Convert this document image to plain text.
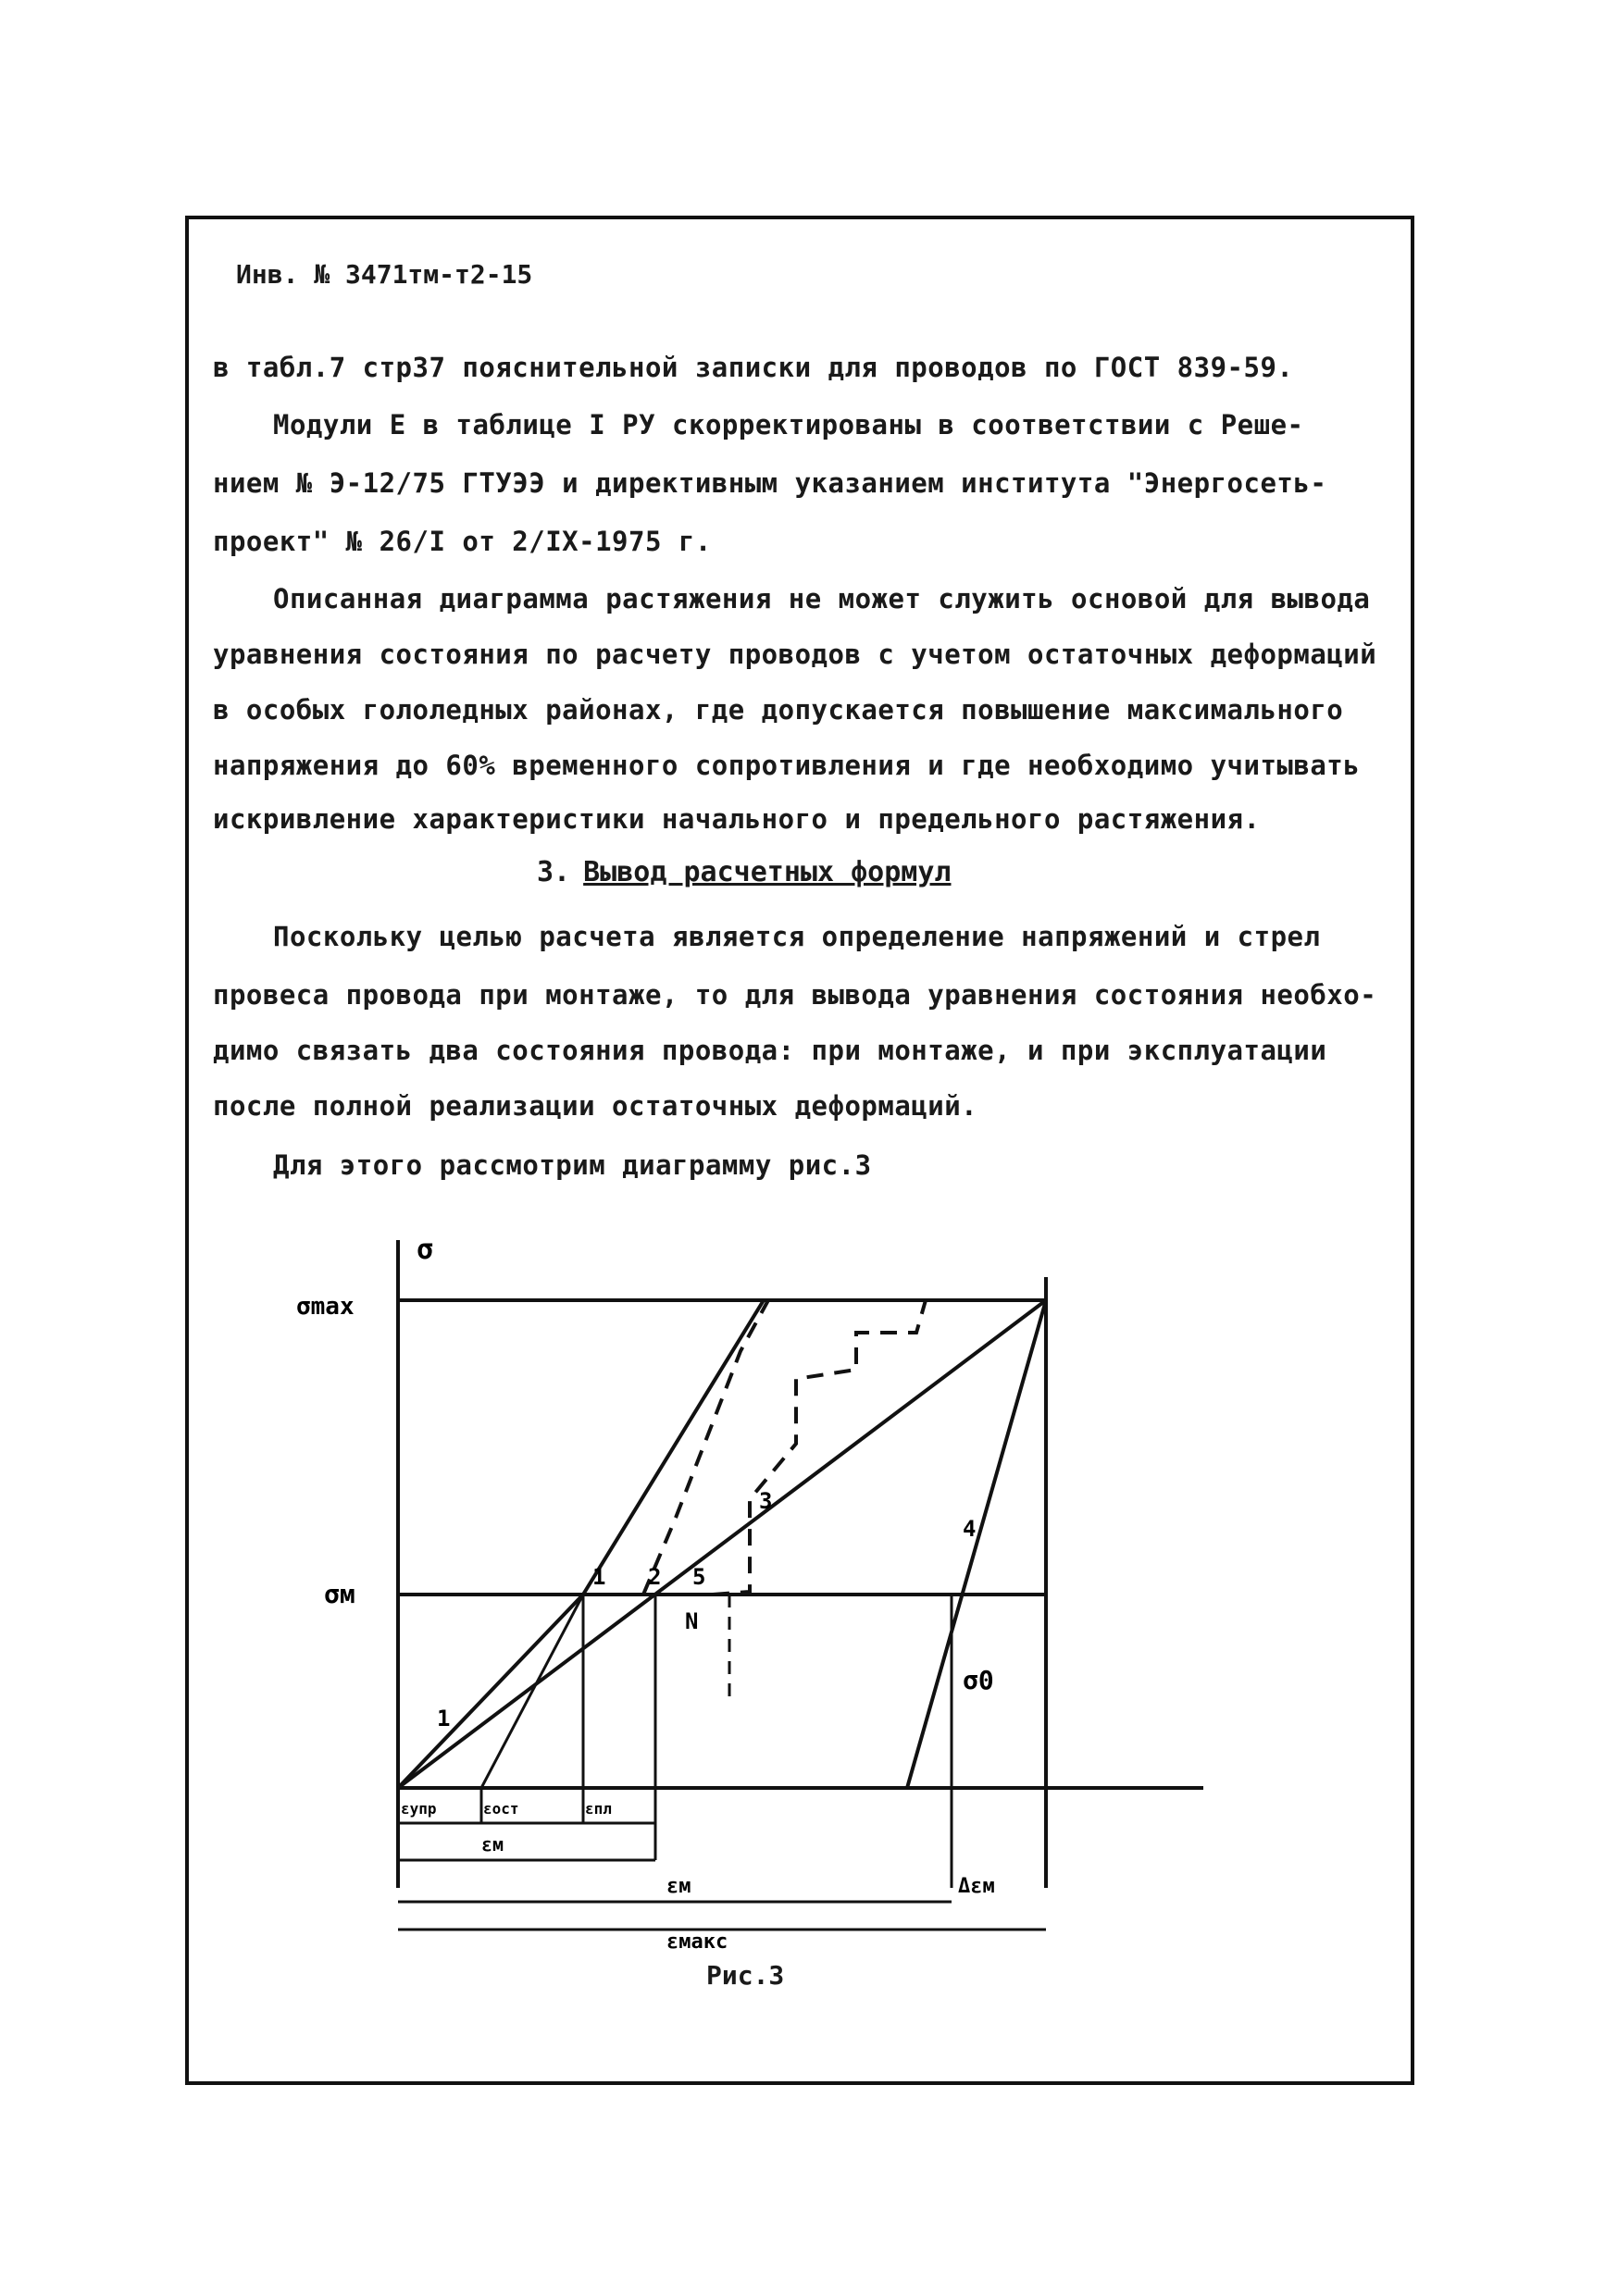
Инв. № 3471тм-т2-15
в табл.7 стр37 пояснительной записки для проводов по ГОСТ 839-59.
Модули Е в таблице I РУ скорректированы в соответствии с Реше-
нием № Э-12/75 ГТУЭЭ и директивным указанием института "Энергосеть-
проект" № 26/I от 2/IX-1975 г.
Описанная диаграмма растяжения не может служить основой для вывода
уравнения состояния по расчету проводов с учетом остаточных деформаций
в особых гололедных районах, где допускается повышение максимального
напряжения до 60% временного сопротивления и где необходимо учитывать
искривление характеристики начального и предельного растяжения.
3. Вывод расчетных формул
Поскольку целью расчета является определение напряжений и стрел
провеса провода при монтаже, то для вывода уравнения состояния необхо-
димо связать два состояния провода: при монтаже, и при эксплуатации
после полной реализации остаточных деформаций.
Для этого рассмотрим диаграмму рис.3
σ
σmax
σм
σ0
1
1 2
3
4
5
N
εупр	εост	εпл
εм
εм	Δεм
εмакс
Рис.3
